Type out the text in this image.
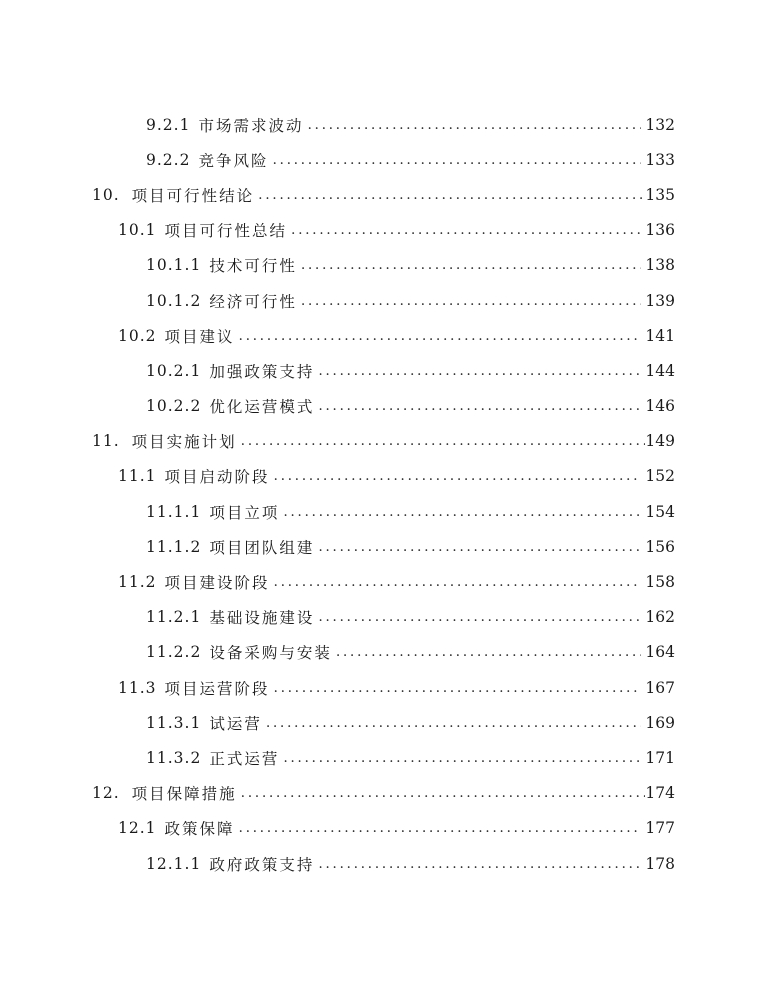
9.2.1 市场需求波动 .....	132
9.2.2 竞争风险 .....	133
10. 项目可行性结论 .....	135
10.1 项目可行性总结 .....	136
10.1.1 技术可行性 .....	138
10.1.2 经济可行性 .....	139
10.2 项目建议 .....	141
10.2.1 加强政策支持 .....	144
10.2.2 优化运营模式 .....	146
11. 项目实施计划 .....	149
11.1 项目启动阶段 .....	152
11.1.1 项目立项 .....	154
11.1.2 项目团队组建 .....	156
11.2 项目建设阶段 .....	158
11.2.1 基础设施建设 .....	162
11.2.2 设备采购与安装 .....	164
11.3 项目运营阶段 .....	167
11.3.1 试运营 .....	169
11.3.2 正式运营 .....	171
12. 项目保障措施 .....	174
12.1 政策保障 .....	177
12.1.1 政府政策支持 .....	178
